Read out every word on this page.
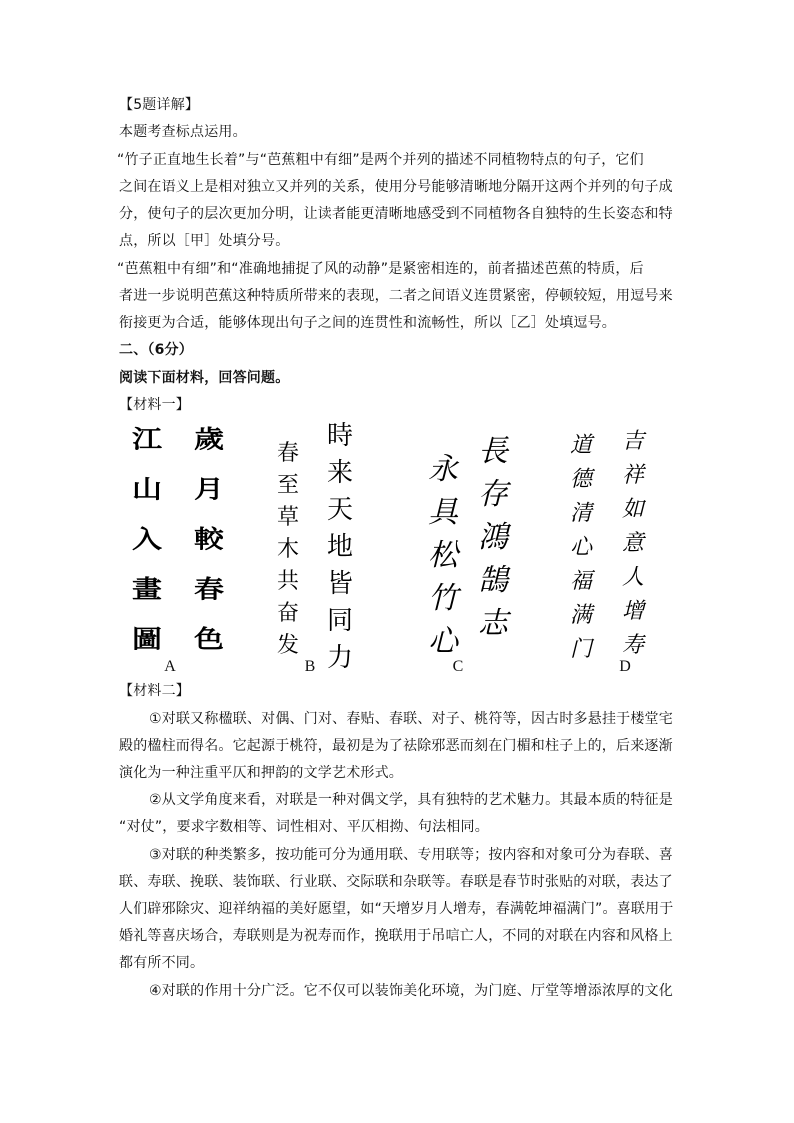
【5题详解】
本题考查标点运用。
“竹子正直地生长着”与“芭蕉粗中有细”是两个并列的描述不同植物特点的句子，它们
之间在语义上是相对独立又并列的关系，使用分号能够清晰地分隔开这两个并列的句子成
分，使句子的层次更加分明，让读者能更清晰地感受到不同植物各自独特的生长姿态和特
点，所以［甲］处填分号。
“芭蕉粗中有细”和“准确地捕捉了风的动静”是紧密相连的，前者描述芭蕉的特质，后
者进一步说明芭蕉这种特质所带来的表现，二者之间语义连贯紧密，停顿较短，用逗号来
衔接更为合适，能够体现出句子之间的连贯性和流畅性，所以［乙］处填逗号。
二、（6分）
阅读下面材料，回答问题。
【材料一】
江
山
入
畫
圖
歲
月
較
春
色
A
春
至
草
木
共
奋
发
時
来
天
地
皆
同
力
B
永
具
松
竹
心
長
存
鴻
鵠
志
C
道
德
清
心
福
满
门
吉
祥
如
意
人
增
寿
D
【材料二】
①对联又称楹联、对偶、门对、春贴、春联、对子、桃符等，因古时多悬挂于楼堂宅
殿的楹柱而得名。它起源于桃符，最初是为了祛除邪恶而刻在门楣和柱子上的，后来逐渐
演化为一种注重平仄和押韵的文学艺术形式。
②从文学角度来看，对联是一种对偶文学，具有独特的艺术魅力。其最本质的特征是
“对仗”，要求字数相等、词性相对、平仄相拗、句法相同。
③对联的种类繁多，按功能可分为通用联、专用联等；按内容和对象可分为春联、喜
联、寿联、挽联、装饰联、行业联、交际联和杂联等。春联是春节时张贴的对联，表达了
人们辟邪除灾、迎祥纳福的美好愿望，如“天增岁月人增寿，春满乾坤福满门”。喜联用于
婚礼等喜庆场合，寿联则是为祝寿而作，挽联用于吊唁亡人，不同的对联在内容和风格上
都有所不同。
④对联的作用十分广泛。它不仅可以装饰美化环境，为门庭、厅堂等增添浓厚的文化
